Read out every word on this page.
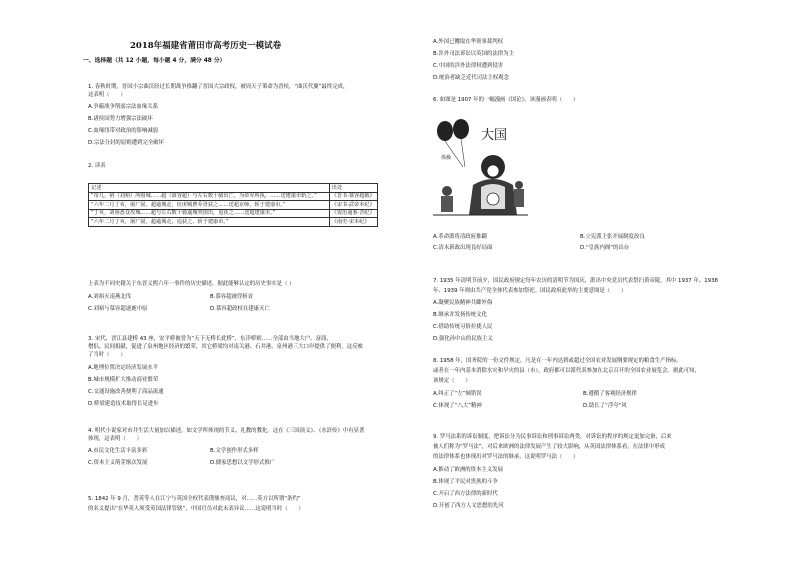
2018年福建省莆田市高考历史一模试卷
一、选择题（共 12 小题，每小题 4 分，满分 48 分）
1. 春秋时期，晋国小宗曲沃经过长期战争推翻了晋国大宗政权，被周天子策命为晋侯，“曲沃代翼”最终完成，
这表明（　　）
A.争霸战争削弱宗法血缘关系
B.诸侯国势力增强宗法破坏
C.血缘纽带对政治的影响减弱
D.宗法分封的原则遭到完全破坏
2. 读表
记述	出处
“帝几，裕（刘裕）所围城……超（慕容超）与左右数十骑出亡，为帝军所执，……送建康市斩之。”	《晋书·慕容超载》
“六年二月丁亥，屠广固。超逾城走，征虏贼曹乔胥获之……送超京师，斩于建康市。”	《宋书·武帝本纪》
“丁亥，刘裕悉众攻城……超与左右数十骑逾城突围出，追获之……送超建康市。”	《资治通鉴·晋纪》
“六年二月丁亥，屠广固。超逾城走，追获之，斩于建康市。”	《南史·宋本纪》
上表为不同史籍关于东晋义熙六年一事件的历史描述。据此能够认定的历史事实是（ ）
A.刘裕灭南燕北伐	B.慕容超被俘斩首
C.刘裕与慕容超逐鹿中原	D.慕容超政权在建康灭亡
3. 宋代，晋江县建桥 43 座，安平桥被誉为“天下无桥长此桥”，东洋桥则……全部由当地大户、富商、
僧侣、民间捐献，促进了泉州地区经济的繁荣，其它桥梁均对南关港、石井港、泉州港三大口岸提供了便利，这反映
了当时（　　）
A.地理位置决定经济发展水平
B.城市规模扩大推动商业繁荣
C.交通设施改善便利了商品流通
D.桥梁建造技术取得长足进步
4. 明代小说家对市井生活大量加以描述，如文学所体现的节义、礼教的教化。这在《三国演义》、《水浒传》中有显著
体现，这表明（　　）
A.市民文化生活丰富多彩	B.文学创作形式多样
C.资本主义萌芽渐次发展	D.儒家思想以文学形式推广
5. 1842 年 9 月，耆英等人在江宁与英国全权代表璞鼎查商议，对……英方以所谓“条约”
的名义提出“在华英人须受英国法律管辖”，中国官员对此未表异议……这说明当时（　　）
A.外国已攫取在华领事裁判权
B.涉外司法诉讼以英国的法律为主
C.中国的涉外法律权遭到侵害
D.统治者缺乏近代司法主权观念
6. 如图是 1907 年的一幅漫画《国论》。该漫画表明（　　）
大国
体操
A.革命派将清政府推翻	B.立宪派主张开展制度改良
C.清末新政出现良好局面	D.“皇族内阁”的出台
7. 1935 年清明节前夕，国民政府规定每年农历的清明节为国庆，派出中央党员代表祭扫黄帝陵，其中 1937 年、1938
年、1939 年则由共产党全体代表参加祭祀。国民政府此举的主要意图是（　　）
A.凝聚民族精神共御外侮
B.继承并发扬传统文化
C.借助传统习俗拉拢人民
D.强化孙中山的民族主义
8. 1958 年，国务院的一份文件规定，凡是在一年内达到或超过全国农业发展纲要规定的粮食生产指标，
或者在一年内基本消除水灾和旱灾的县（市），政府都可以派代表参加在北京召开的全国农业展览会。据此可知，
该规定（　　）
A.纠正了“左”倾错误	B.遵循了客观经济规律
C.体现了“八大”精神	D.助长了“浮夸”风
9. 罗马法系的诉讼制度，把诉讼分为民事诉讼和刑事诉讼两类，对诉讼的程序的规定更加完备，后来
被人们称为“罗马法”，对后来欧洲的法律发展产生了较大影响，从英国法律体系看，在法律中形成
的法律体系也体现出对罗马法的继承，这说明罗马法（　　）
A.推动了欧洲的资本主义发展
B.体现了平民对贵族的斗争
C.开启了西方法律的新时代
D.开创了西方人文思想的先河
